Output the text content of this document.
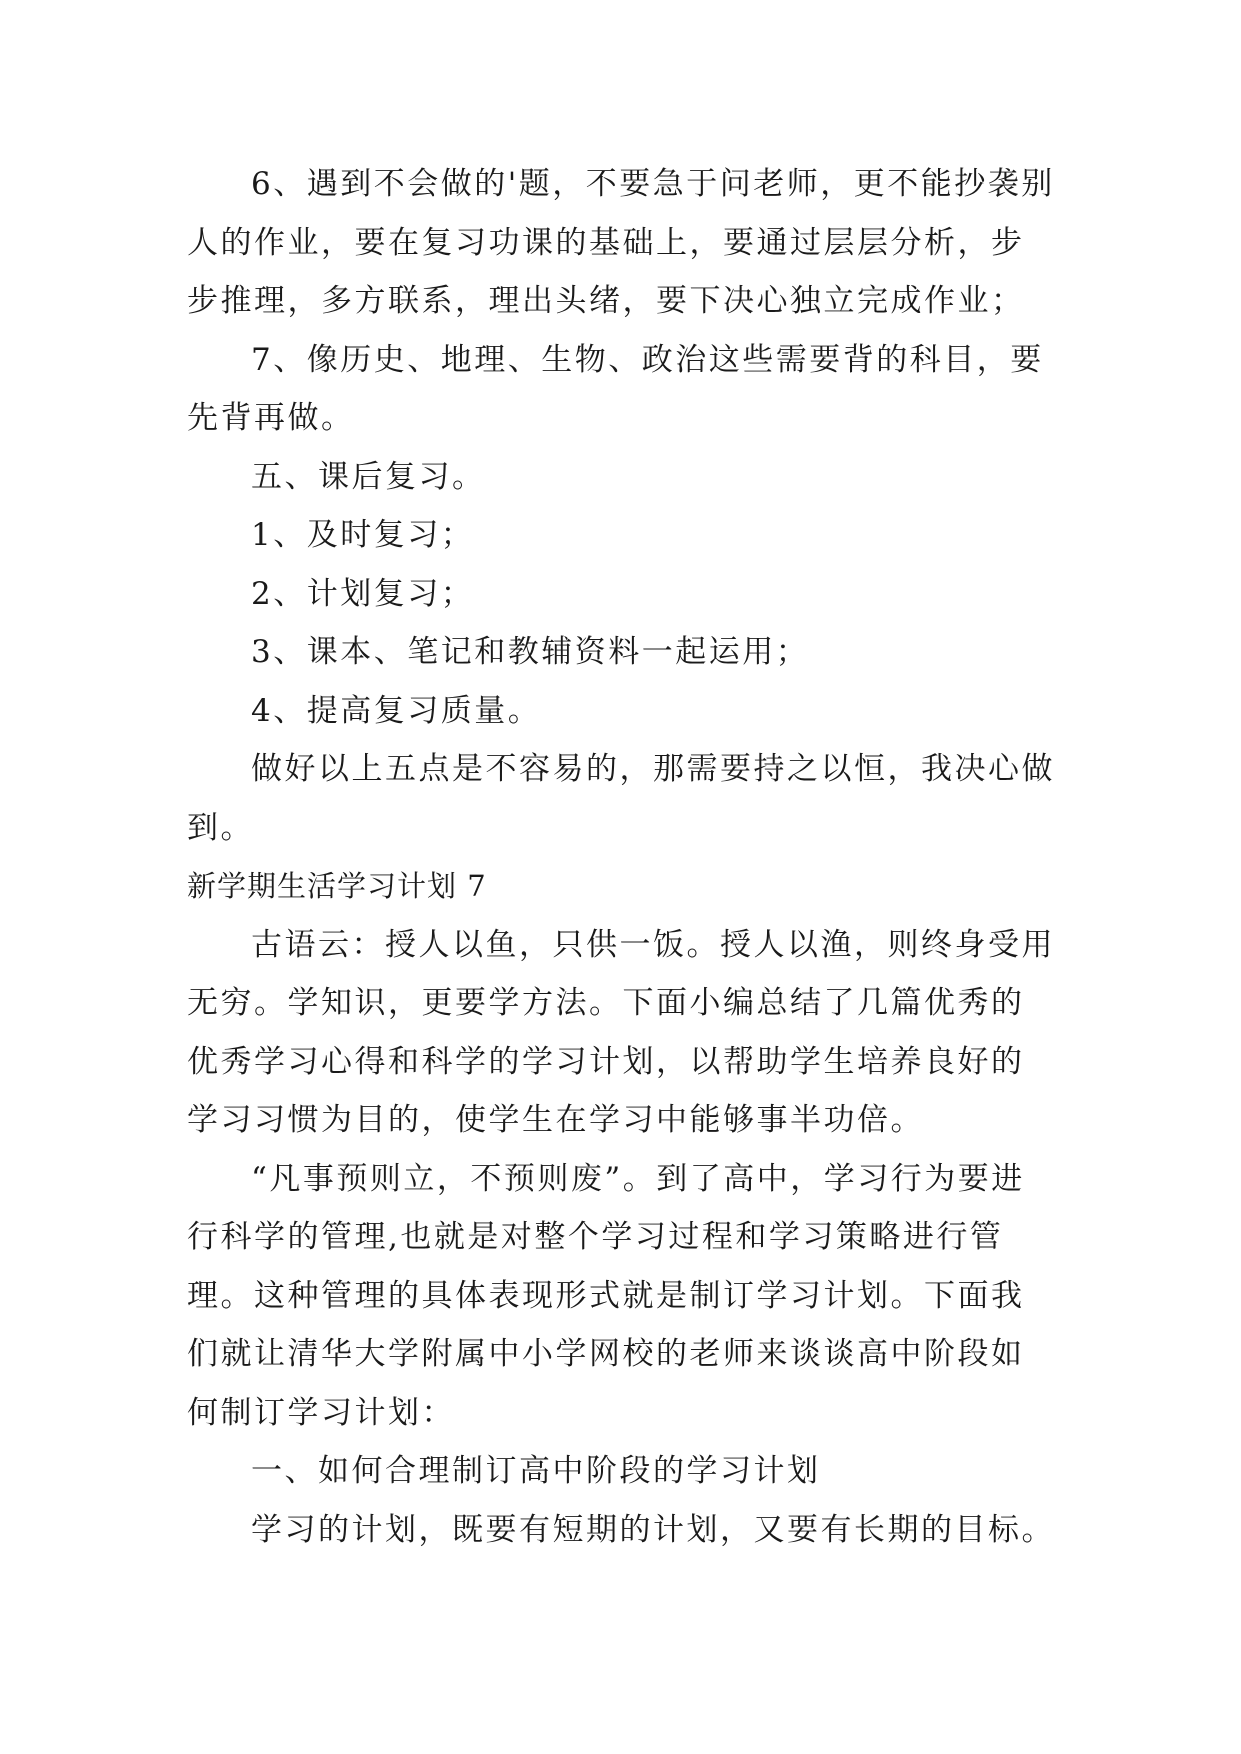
6、遇到不会做的'题，不要急于问老师，更不能抄袭别人的作业，要在复习功课的基础上，要通过层层分析，步步推理，多方联系，理出头绪，要下决心独立完成作业；

7、像历史、地理、生物、政治这些需要背的科目，要先背再做。

五、课后复习。

1、及时复习；

2、计划复习；

3、课本、笔记和教辅资料一起运用；

4、提高复习质量。

做好以上五点是不容易的，那需要持之以恒，我决心做到。

新学期生活学习计划 7

古语云：授人以鱼，只供一饭。授人以渔，则终身受用无穷。学知识，更要学方法。下面小编总结了几篇优秀的优秀学习心得和科学的学习计划，以帮助学生培养良好的学习习惯为目的，使学生在学习中能够事半功倍。

“凡事预则立，不预则废”。到了高中，学习行为要进行科学的管理,也就是对整个学习过程和学习策略进行管理。这种管理的具体表现形式就是制订学习计划。下面我们就让清华大学附属中小学网校的老师来谈谈高中阶段如何制订学习计划：

一、如何合理制订高中阶段的学习计划

学习的计划，既要有短期的计划，又要有长期的目标。
